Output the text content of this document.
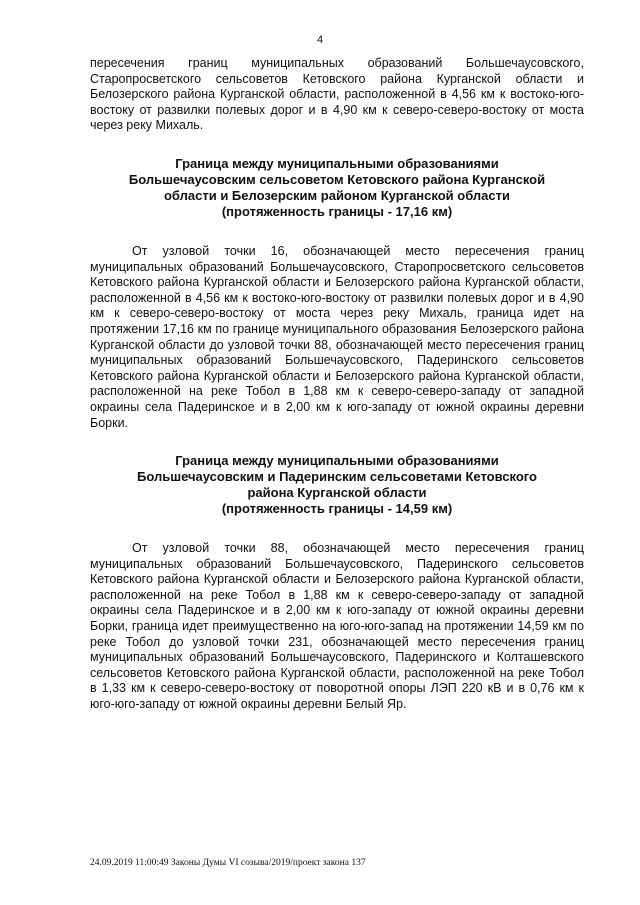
4

пересечения границ муниципальных образований Большечаусовского, Старопросветского сельсоветов Кетовского района Курганской области и Белозерского района Курганской области, расположенной в 4,56 км к востоко-юго-востоку от развилки полевых дорог и в 4,90 км к северо-северо-востоку от моста через реку Михаль.

Граница между муниципальными образованиями
Большечаусовским сельсоветом Кетовского района Курганской
области и Белозерским районом Курганской области
(протяженность границы - 17,16 км)

От узловой точки 16, обозначающей место пересечения границ муниципальных образований Большечаусовского, Старопросветского сельсоветов Кетовского района Курганской области и Белозерского района Курганской области, расположенной в 4,56 км к востоко-юго-востоку от развилки полевых дорог и в 4,90 км к северо-северо-востоку от моста через реку Михаль, граница идет на протяжении 17,16 км по границе муниципального образования Белозерского района Курганской области до узловой точки 88, обозначающей место пересечения границ муниципальных образований Большечаусовского, Падеринского сельсоветов Кетовского района Курганской области и Белозерского района Курганской области, расположенной на реке Тобол в 1,88 км к северо-северо-западу от западной окраины села Падеринское и в 2,00 км к юго-западу от южной окраины деревни Борки.

Граница между муниципальными образованиями
Большечаусовским и Падеринским сельсоветами Кетовского
района Курганской области
(протяженность границы - 14,59 км)

От узловой точки 88, обозначающей место пересечения границ муниципальных образований Большечаусовского, Падеринского сельсоветов Кетовского района Курганской области и Белозерского района Курганской области, расположенной на реке Тобол в 1,88 км к северо-северо-западу от западной окраины села Падеринское и в 2,00 км к юго-западу от южной окраины деревни Борки, граница идет преимущественно на юго-юго-запад на протяжении 14,59 км по реке Тобол до узловой точки 231, обозначающей место пересечения границ муниципальных образований Большечаусовского, Падеринского и Колташевского сельсоветов Кетовского района Курганской области, расположенной на реке Тобол в 1,33 км к северо-северо-востоку от поворотной опоры ЛЭП 220 кВ и в 0,76 км к юго-юго-западу от южной окраины деревни Белый Яр.

24.09.2019 11:00:49 Законы Думы VI созыва/2019/проект закона 137
